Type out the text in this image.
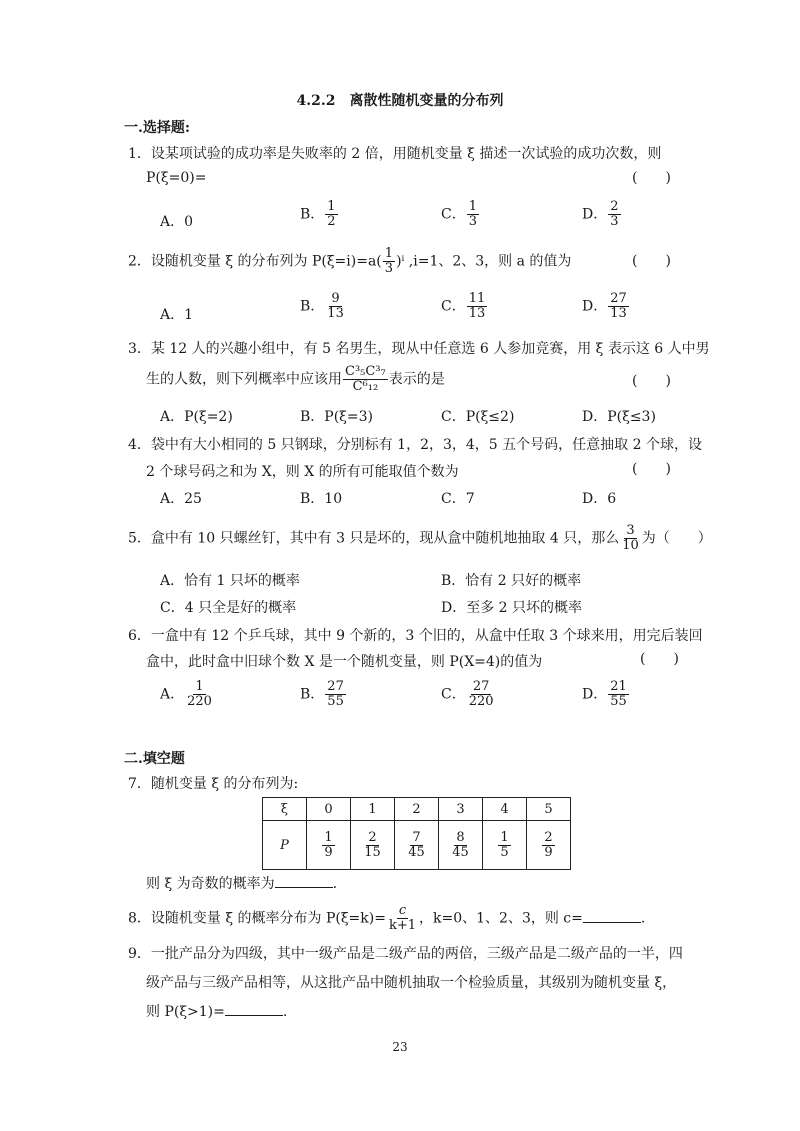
4.2.2　离散性随机变量的分布列
一.选择题:
1．设某项试验的成功率是失败率的 2 倍，用随机变量 ξ 描述一次试验的成功次数，则
P(ξ=0)=	(　　)
A．0	B． $\frac{1}{2}$	C． $\frac{1}{3}$	D． $\frac{2}{3}$
2．设随机变量 ξ 的分布列为 $P(\xi=i)=a( \frac{1}{3} )^i$ ,i=1、2、3，则 a 的值为	(　　)
A．1
B． $\frac{9}{13}$	C． $\frac{11}{13}$	D． $\frac{27}{13}$
3．某 12 人的兴趣小组中，有 5 名男生，现从中任意选 6 人参加竞赛，用 ξ 表示这 6 人中男
生的人数，则下列概率中应该用 $\frac{\text{C³₅C³₇}}{\text{C⁶₁₂}}$ 表示的是	(　　)
A．P(ξ=2)	B．P(ξ=3)	C．P(ξ≤2)	D．P(ξ≤3)
4．袋中有大小相同的 5 只钢球，分别标有 1，2，3，4，5 五个号码，任意抽取 2 个球，设
2 个球号码之和为 X，则 X 的所有可能取值个数为	(　　)
A．25	B．10	C．7	D．6
5．盒中有 10 只螺丝钉，其中有 3 只是坏的，现从盒中随机地抽取 4 只，那么 $\frac{3}{10}$ 为（　　）
A．恰有 1 只坏的概率	B．恰有 2 只好的概率
C．4 只全是好的概率	D．至多 2 只坏的概率
6．一盒中有 12 个乒乓球，其中 9 个新的，3 个旧的，从盒中任取 3 个球来用，用完后装回
盒中，此时盒中旧球个数 X 是一个随机变量，则 P(X=4)的值为	(　　)
A． $\frac{1}{220}$	B． $\frac{27}{55}$	C． $\frac{27}{220}$	D． $\frac{21}{55}$
二.填空题
7．随机变量 ξ 的分布列为:
ξ	0	1	2	3	4	5
P	$\frac{1}{9}$	$\frac{2}{15}$	$\frac{7}{45}$	$\frac{8}{45}$	$\frac{1}{5}$	$\frac{2}{9}$
则 ξ 为奇数的概率为	.
8．设随机变量 ξ 的概率分布为 $P(\xi=k)= \frac{c}{k+1}$ ，k=0、1、2、3，则 c=	.
9．一批产品分为四级，其中一级产品是二级产品的两倍，三级产品是二级产品的一半，四
级产品与三级产品相等，从这批产品中随机抽取一个检验质量，其级别为随机变量 ξ，
则 P(ξ>1)=	.
23
